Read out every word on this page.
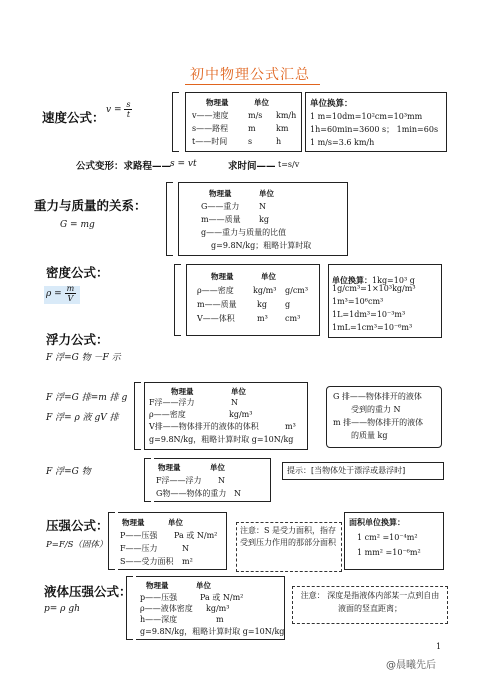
初中物理公式汇总
速度公式： $v = \frac{s}{t}$	物理量	单位
v——速度 m/s km/h
s——路程 m	km
t——时间	s	h
单位换算：
1 m=10dm=10²cm=10³mm
1h=60min=3600 s； 1min=60s
1 m/s=3.6 km/h
公式变形：求路程——
s = vt	求时间—— t=s/v
重力与质量的关系：
G = mg
物理量	单位
G——重力 N
m——质量 kg
g——重力与质量的比值
g=9.8N/kg；粗略计算时取
密度公式：
$\rho = \frac{m}{V}$
物理量	单位
ρ——密度 kg/m³ g/cm³
m——质量	kg g
V——体积	m³ cm³
单位换算：1kg=10³ g
1g/cm³=1×10³kg/m³
1m³=10⁶cm³
1L=1dm³=10⁻³m³
1mL=1cm³=10⁻⁶m³
浮力公式：
F 浮=G 物 －F 示
F 浮=G 排=m 排 g
F 浮= ρ 液 gV 排
物理量	单位
F浮——浮力	N
ρ——密度	kg/m³
V排——物体排开的液体的体积	m³
g=9.8N/kg，粗略计算时取 g=10N/kg
G 排——物体排开的液体
受到的重力 N
m 排——物体排开的液体
的质量 kg
F 浮=G 物	物理量	单位
F浮——浮力 N
G物——物体的重力 N
提示：[当物体处于漂浮或悬浮时]
压强公式：
P=F/S（固体）
物理量	单位
P——压强 Pa 或 N/m²
F——压力	N
S——受力面积 m²
注意：S 是受力面积，指存受到压力作用的那部分面积
面积单位换算：
1 cm² =10⁻⁴m²
1 mm² =10⁻⁶m²
液体压强公式：
p= ρ gh
物理量	单位
p——压强	Pa 或 N/m²
ρ——液体密度 kg/m³
h——深度	m
g=9.8N/kg，粗略计算时取 g=10N/kg
注意： 深度是指液体内部某一点到自由液面的竖直距离；
1
@晨曦先后
